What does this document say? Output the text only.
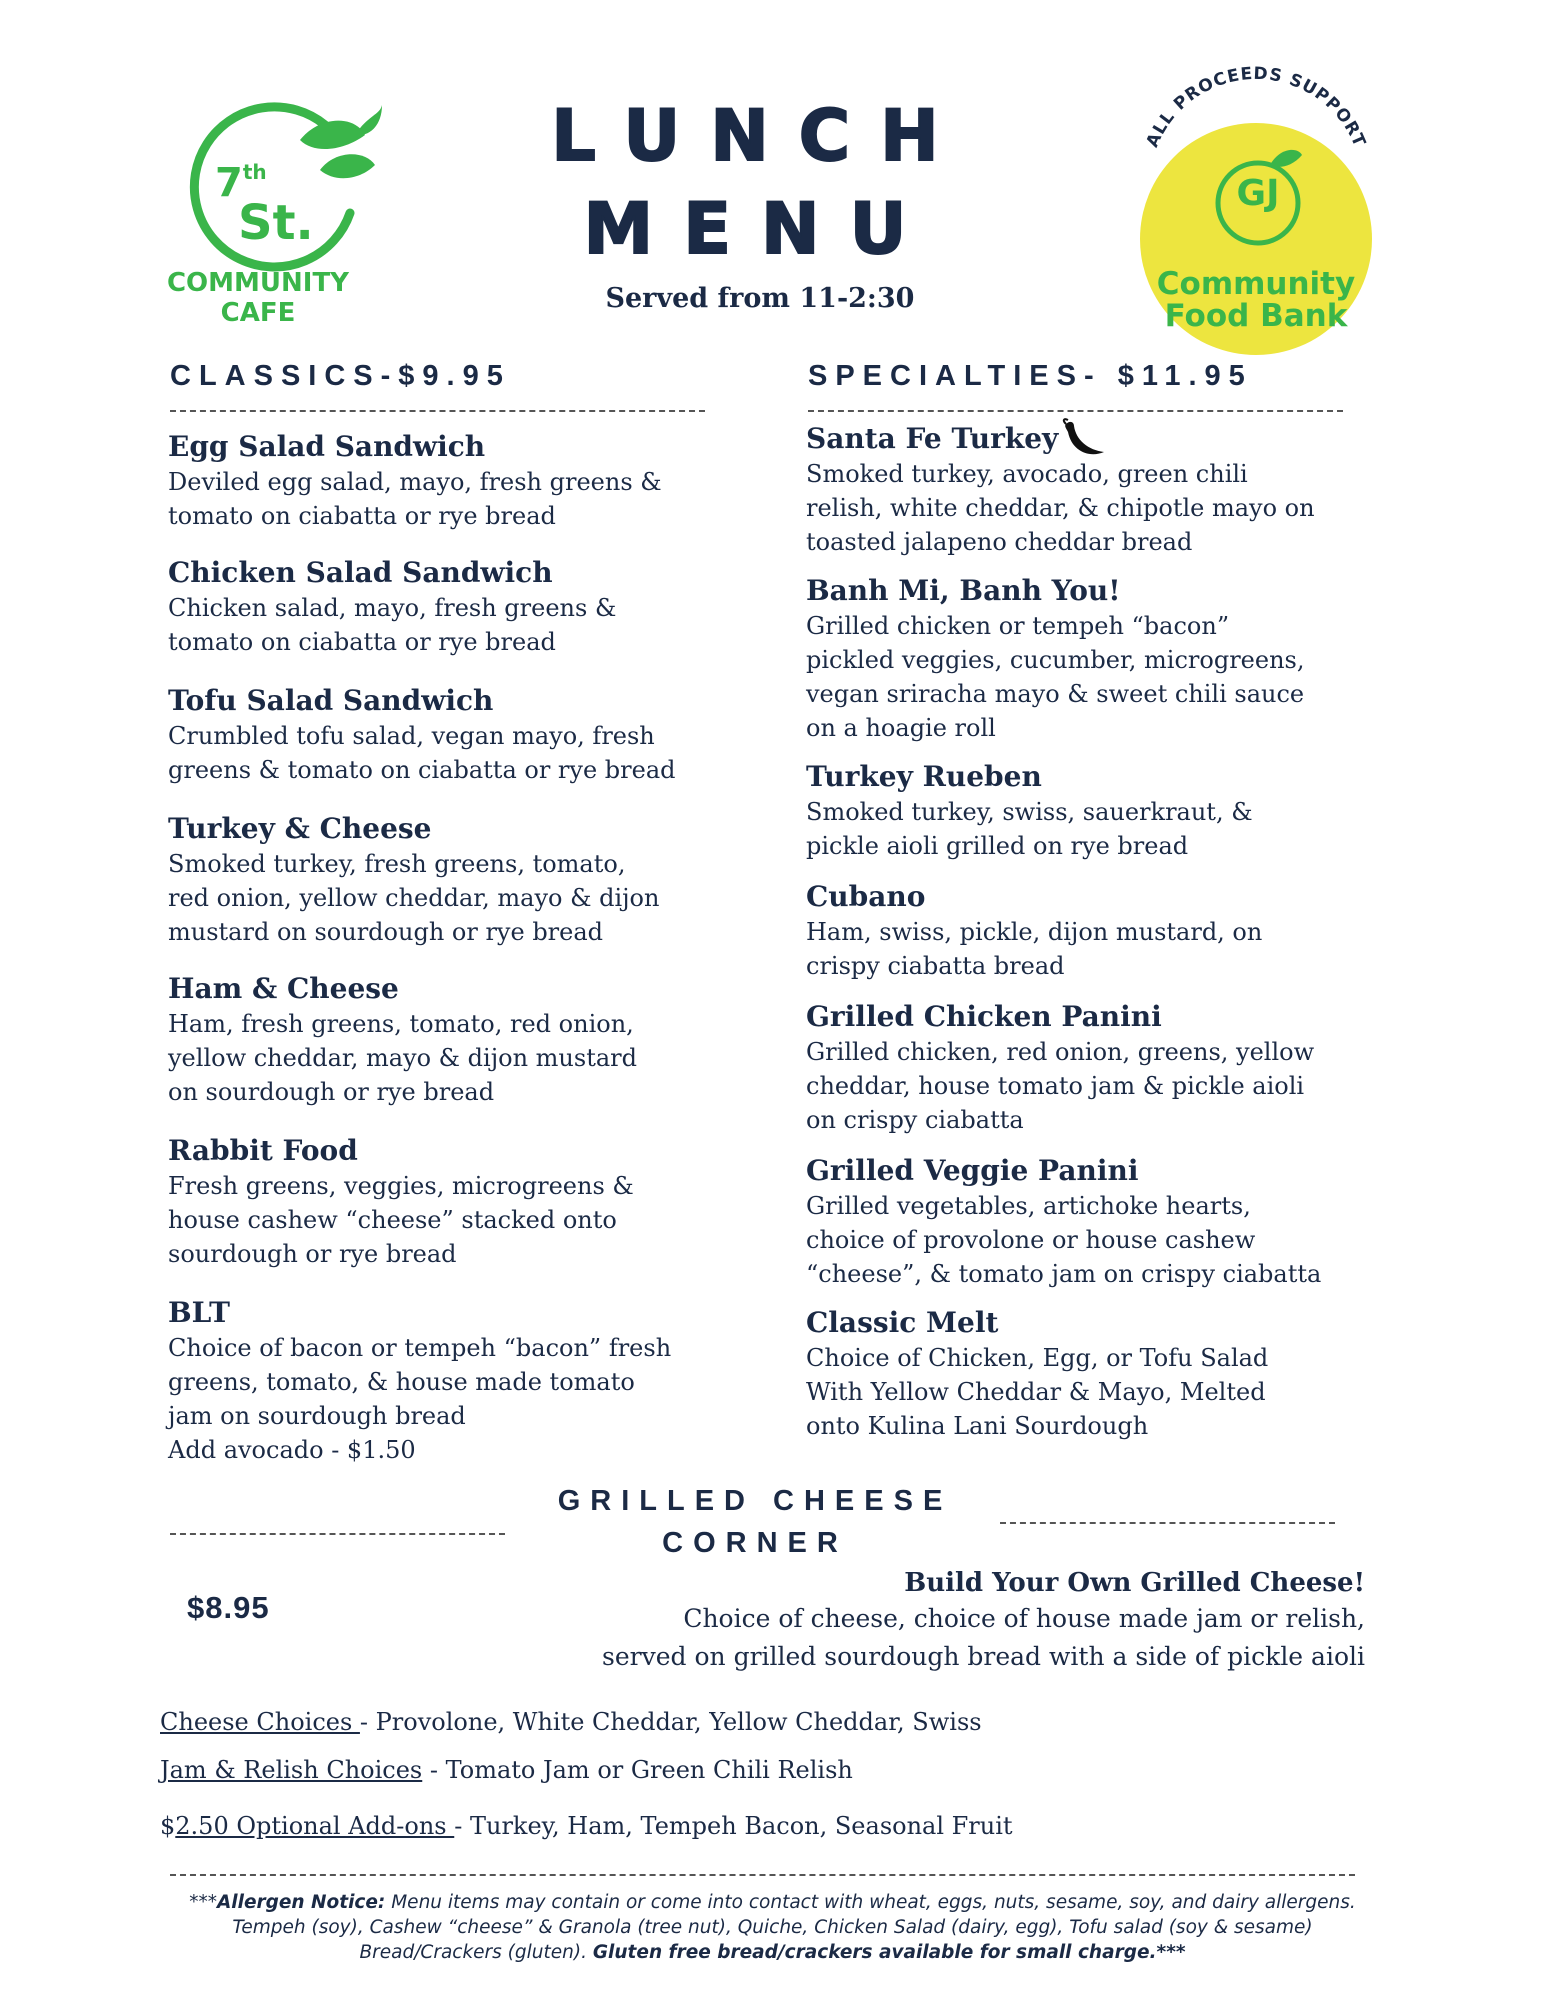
7th
St.
COMMUNITY
CAFE
LUNCH
MENU
Served from 11-2:30
ALL PROCEEDS SUPPORT
GJ
Community
Food Bank
CLASSICS-$9.95
Egg Salad Sandwich
Deviled egg salad, mayo, fresh greens &
tomato on ciabatta or rye bread
Chicken Salad Sandwich
Chicken salad, mayo, fresh greens &
tomato on ciabatta or rye bread
Tofu Salad Sandwich
Crumbled tofu salad, vegan mayo, fresh
greens & tomato on ciabatta or rye bread
Turkey & Cheese
Smoked turkey, fresh greens, tomato,
red onion, yellow cheddar, mayo & dijon
mustard on sourdough or rye bread
Ham & Cheese
Ham, fresh greens, tomato, red onion,
yellow cheddar, mayo & dijon mustard
on sourdough or rye bread
Rabbit Food
Fresh greens, veggies, microgreens &
house cashew “cheese” stacked onto
sourdough or rye bread
BLT
Choice of bacon or tempeh “bacon” fresh
greens, tomato, & house made tomato
jam on sourdough bread
Add avocado - $1.50
SPECIALTIES- $11.95
Santa Fe Turkey
Smoked turkey, avocado, green chili
relish, white cheddar, & chipotle mayo on
toasted jalapeno cheddar bread
Banh Mi, Banh You!
Grilled chicken or tempeh “bacon”
pickled veggies, cucumber, microgreens,
vegan sriracha mayo & sweet chili sauce
on a hoagie roll
Turkey Rueben
Smoked turkey, swiss, sauerkraut, &
pickle aioli grilled on rye bread
Cubano
Ham, swiss, pickle, dijon mustard, on
crispy ciabatta bread
Grilled Chicken Panini
Grilled chicken, red onion, greens, yellow
cheddar, house tomato jam & pickle aioli
on crispy ciabatta
Grilled Veggie Panini
Grilled vegetables, artichoke hearts,
choice of provolone or house cashew
“cheese”, & tomato jam on crispy ciabatta
Classic Melt
Choice of Chicken, Egg, or Tofu Salad
With Yellow Cheddar & Mayo, Melted
onto Kulina Lani Sourdough
GRILLED CHEESE
CORNER
$8.95
Build Your Own Grilled Cheese!
Choice of cheese, choice of house made jam or relish,
served on grilled sourdough bread with a side of pickle aioli
Cheese Choices - Provolone, White Cheddar, Yellow Cheddar, Swiss
Jam & Relish Choices - Tomato Jam or Green Chili Relish
$2.50 Optional Add-ons - Turkey, Ham, Tempeh Bacon, Seasonal Fruit
***Allergen Notice: Menu items may contain or come into contact with wheat, eggs, nuts, sesame, soy, and dairy allergens.
Tempeh (soy), Cashew “cheese” & Granola (tree nut), Quiche, Chicken Salad (dairy, egg), Tofu salad (soy & sesame)
Bread/Crackers (gluten). Gluten free bread/crackers available for small charge.***
